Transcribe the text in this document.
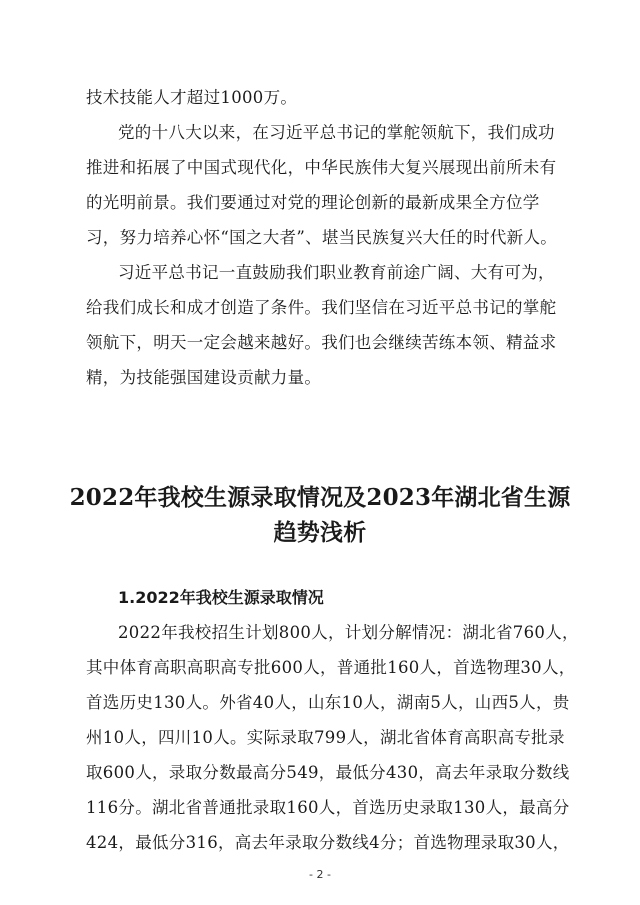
技术技能人才超过1000万。
党的十八大以来，在习近平总书记的掌舵领航下，我们成功
推进和拓展了中国式现代化，中华民族伟大复兴展现出前所未有
的光明前景。我们要通过对党的理论创新的最新成果全方位学
习，努力培养心怀“国之大者”、堪当民族复兴大任的时代新人。
习近平总书记一直鼓励我们职业教育前途广阔、大有可为，
给我们成长和成才创造了条件。我们坚信在习近平总书记的掌舵
领航下，明天一定会越来越好。我们也会继续苦练本领、精益求
精，为技能强国建设贡献力量。
2022年我校生源录取情况及2023年湖北省生源
趋势浅析
1.2022年我校生源录取情况
2022年我校招生计划800人，计划分解情况：湖北省760人，
其中体育高职高职高专批600人，普通批160人，首选物理30人，
首选历史130人。外省40人，山东10人，湖南5人，山西5人，贵
州10人，四川10人。实际录取799人，湖北省体育高职高专批录
取600人，录取分数最高分549，最低分430，高去年录取分数线
116分。湖北省普通批录取160人，首选历史录取130人，最高分
424，最低分316，高去年录取分数线4分；首选物理录取30人，
- 2 -
